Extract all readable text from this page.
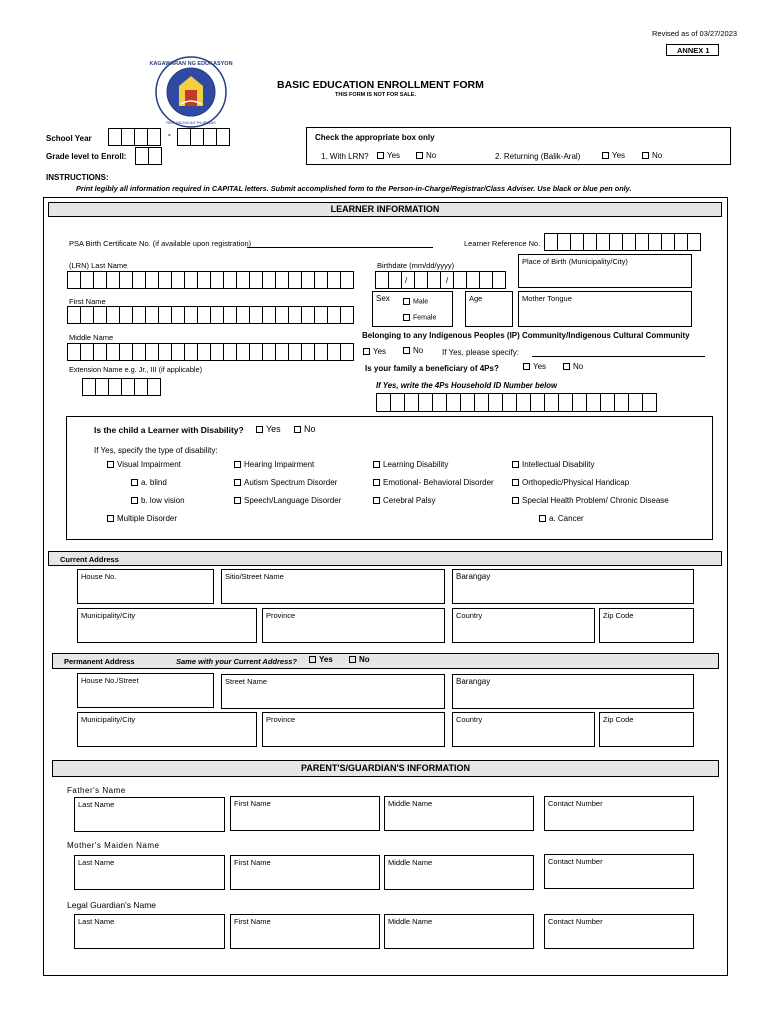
Revised as of 03/27/2023
ANNEX 1
KAGAWARAN NG EDUKASYON
REPUBLIKA NG PILIPINAS
BASIC EDUCATION ENROLLMENT FORM
THIS FORM IS NOT FOR SALE.
School Year	-
Grade level to Enroll:
Check the appropriate box only
1. With LRN?	Yes	No	2. Returning (Balik-Aral)	Yes	No
INSTRUCTIONS:
Print legibly all information required in CAPITAL letters. Submit accomplished form to the Person-in-Charge/Registrar/Class Adviser. Use black or blue pen only.
LEARNER INFORMATION
PSA Birth Certificate No. (if available upon registration)	Learner Reference No.
(LRN) Last Name	Birthdate (mm/dd/yyyy)
/	/
Place of Birth (Municipality/City)
First Name	Sex	Male
Female
Age	Mother Tongue
Middle Name	Belonging to any Indigenous Peoples (IP) Community/Indigenous Cultural Community
Yes	No If Yes, please specify:
Extension Name e.g. Jr., III (if applicable)	Is your family a beneficiary of 4Ps?	Yes	No
If Yes, write the 4Ps Household ID Number below
Is the child a Learner with Disability?	Yes	No
If Yes, specify the type of disability:
Visual Impairment
a. blind
b. low vision
Multiple Disorder
Hearing Impairment
Autism Spectrum Disorder
Speech/Language Disorder
Learning Disability
Emotional- Behavioral Disorder
Cerebral Palsy
Intellectual Disability
Orthopedic/Physical Handicap
Special Health Problem/ Chronic Disease
a. Cancer
Current Address
House No.	Sitio/Street Name	Barangay
Municipality/City	Province	Country	Zip Code
Permanent Address	Same with your Current Address?	Yes	No
House No./Street	Street Name	Barangay
Municipality/City	Province	Country	Zip Code
PARENT'S/GUARDIAN'S INFORMATION
Father's Name
Last Name	First Name	Middle Name	Contact Number
Mother's Maiden Name
Last Name	First Name	Middle Name	Contact Number
Legal Guardian's Name
Last Name	First Name	Middle Name	Contact Number
